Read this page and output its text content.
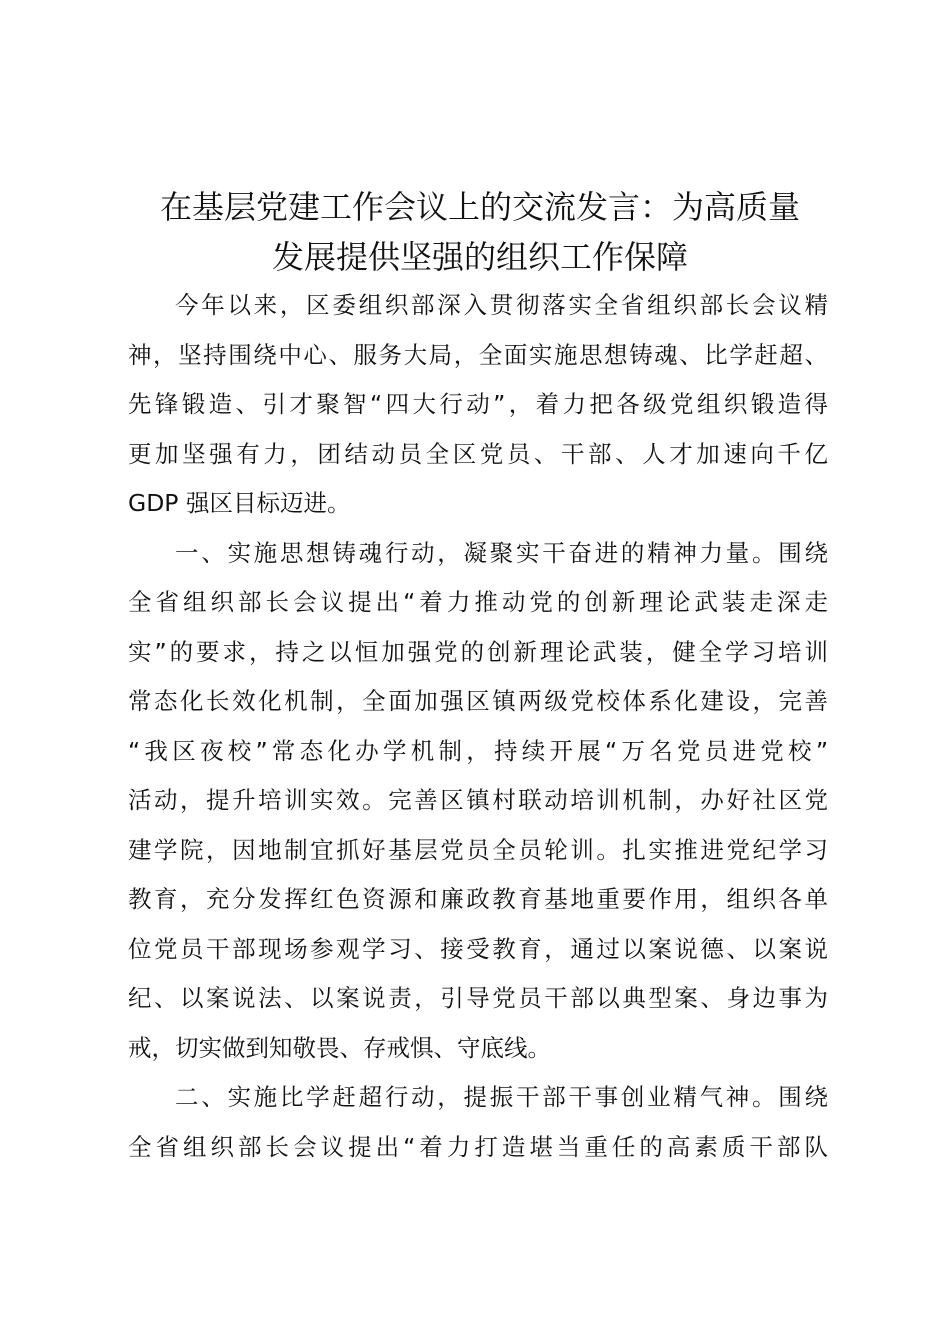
在基层党建工作会议上的交流发言：为高质量
发展提供坚强的组织工作保障

今年以来，区委组织部深入贯彻落实全省组织部长会议精
神，坚持围绕中心、服务大局，全面实施思想铸魂、比学赶超、
先锋锻造、引才聚智“四大行动”，着力把各级党组织锻造得
更加坚强有力，团结动员全区党员、干部、人才加速向千亿
GDP 强区目标迈进。

一、实施思想铸魂行动，凝聚实干奋进的精神力量。围绕
全省组织部长会议提出“着力推动党的创新理论武装走深走
实”的要求，持之以恒加强党的创新理论武装，健全学习培训
常态化长效化机制，全面加强区镇两级党校体系化建设，完善
“我区夜校”常态化办学机制，持续开展“万名党员进党校”
活动，提升培训实效。完善区镇村联动培训机制，办好社区党
建学院，因地制宜抓好基层党员全员轮训。扎实推进党纪学习
教育，充分发挥红色资源和廉政教育基地重要作用，组织各单
位党员干部现场参观学习、接受教育，通过以案说德、以案说
纪、以案说法、以案说责，引导党员干部以典型案、身边事为
戒，切实做到知敬畏、存戒惧、守底线。

二、实施比学赶超行动，提振干部干事创业精气神。围绕
全省组织部长会议提出“着力打造堪当重任的高素质干部队
